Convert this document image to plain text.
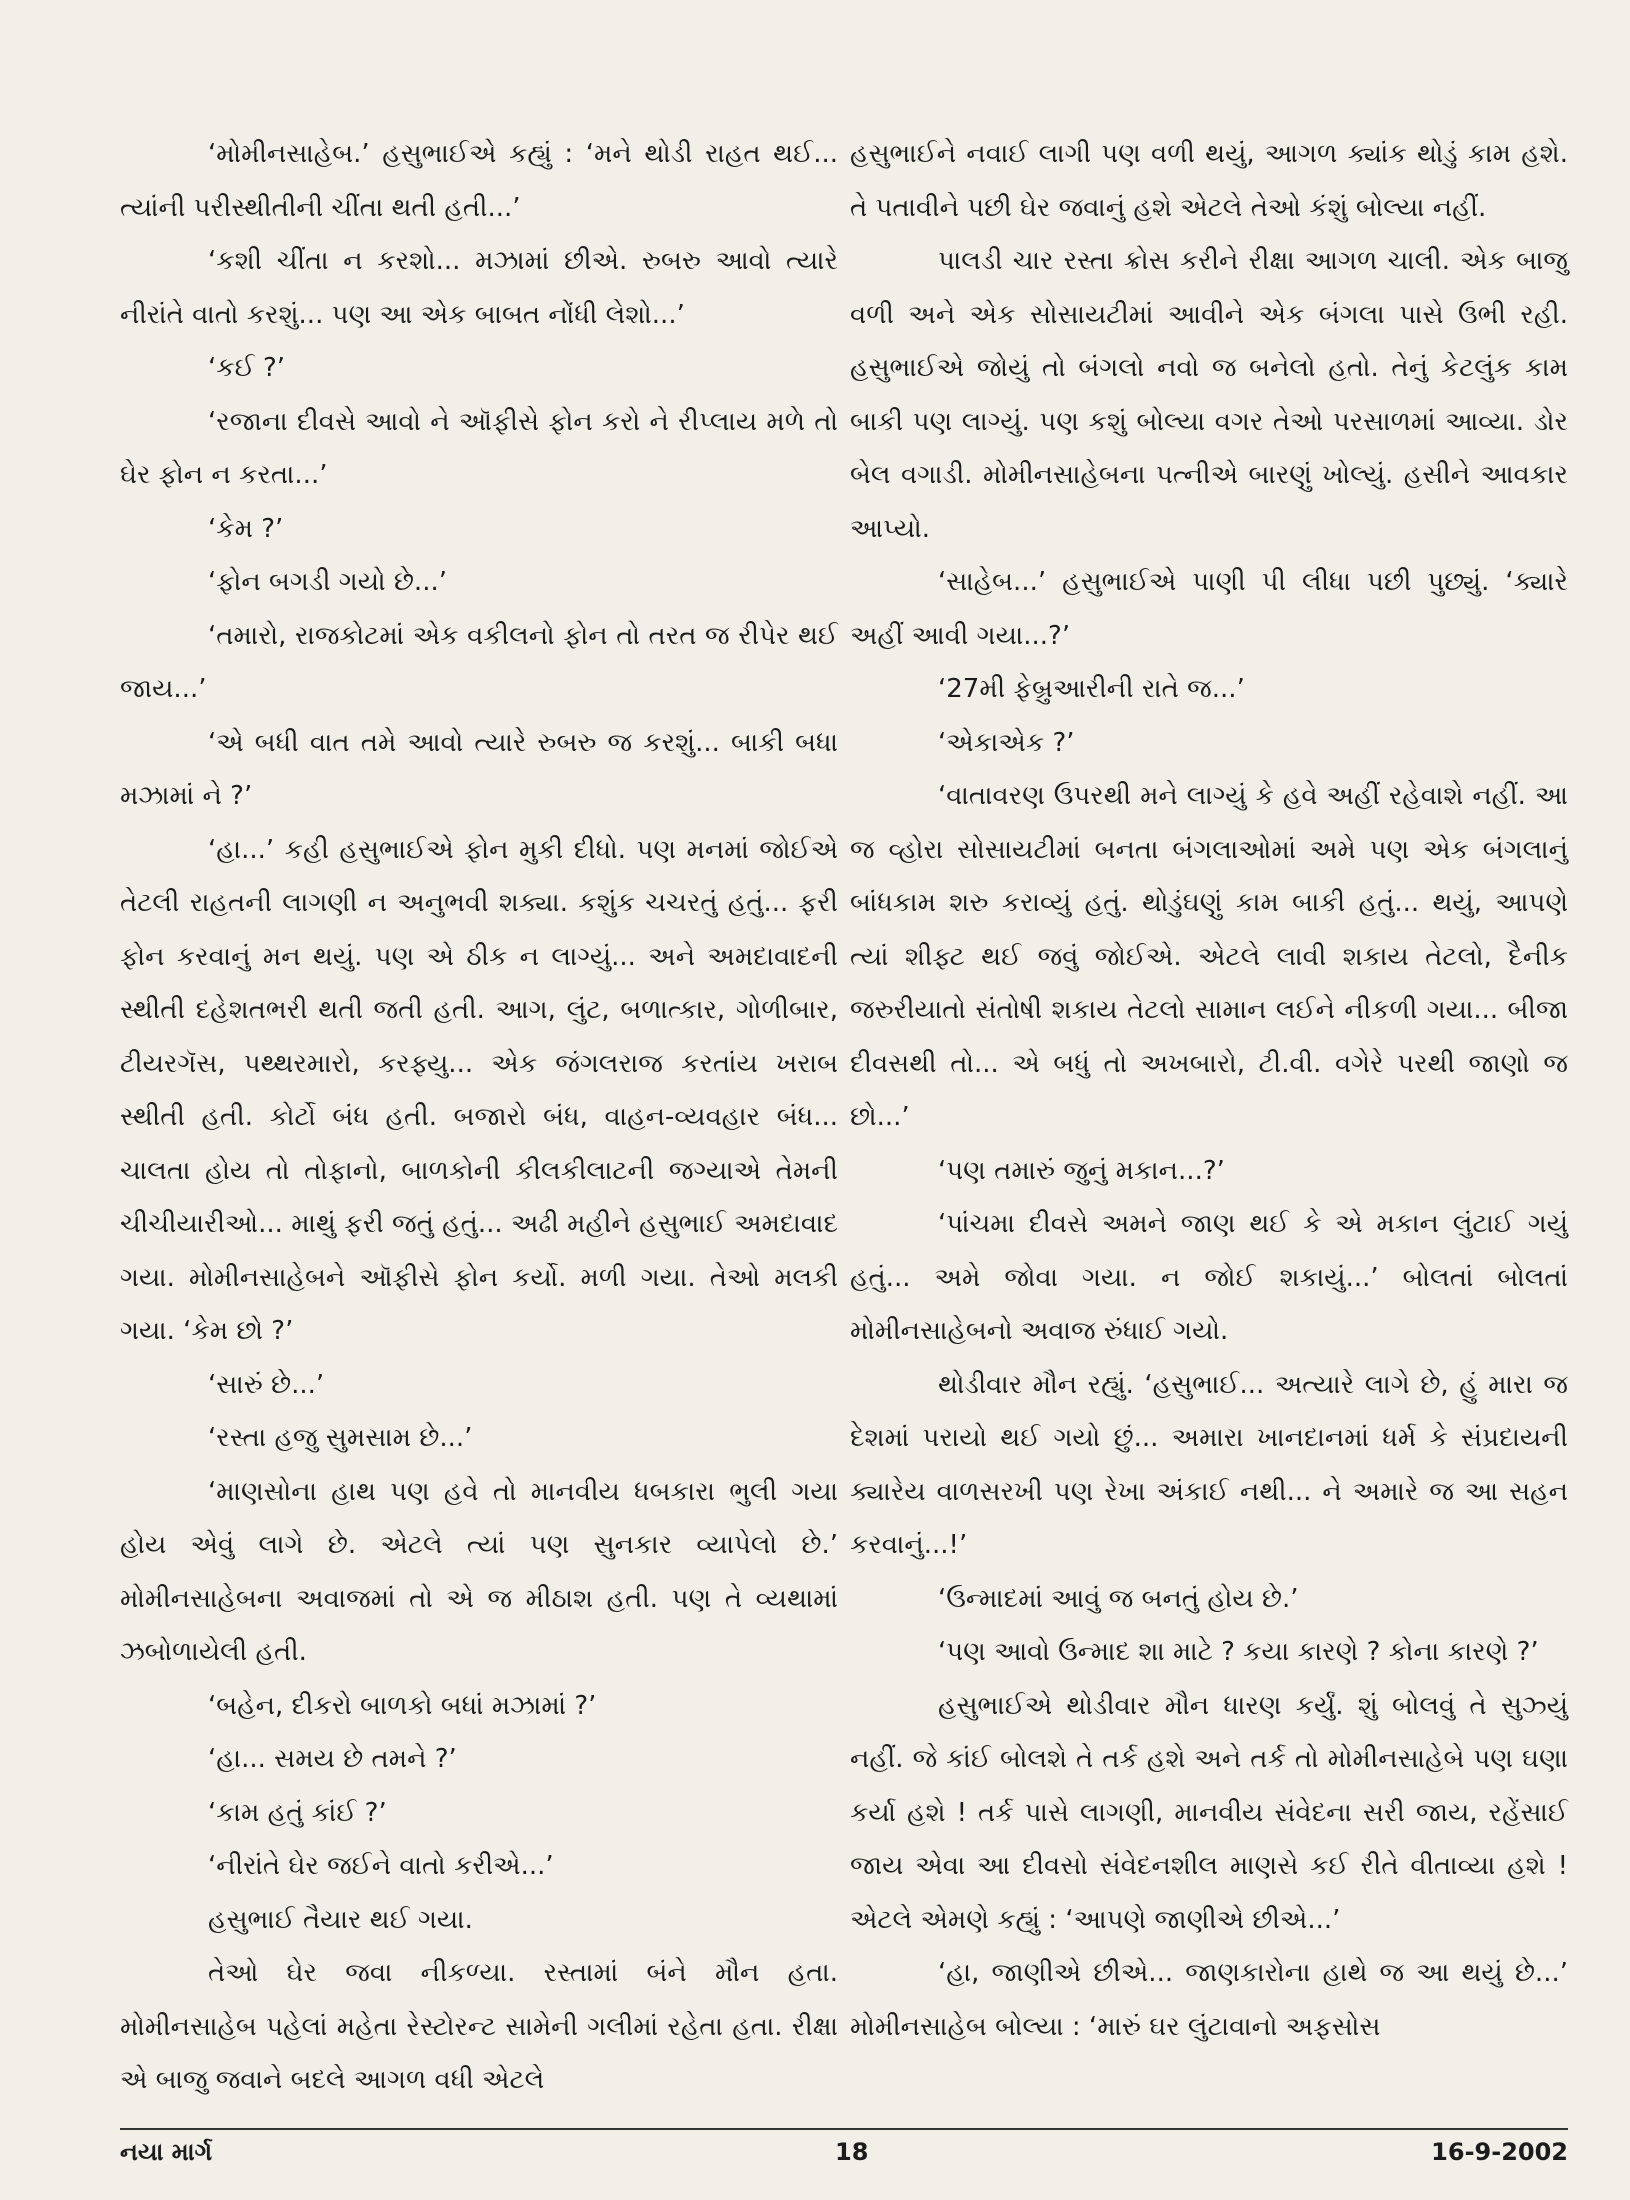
‘મોમીનસાહેબ.’ હસુભાઈએ કહ્યું : ‘મને થોડી રાહત થઈ... ત્યાંની પરીસ્થીતીની ચીંતા થતી હતી...’

‘કશી ચીંતા ન કરશો... મઝામાં છીએ. રુબરુ આવો ત્યારે નીરાંતે વાતો કરશું... પણ આ એક બાબત નોંધી લેશો...’

‘કઈ ?’

‘રજાના દીવસે આવો ને ઑફીસે ફોન કરો ને રીપ્લાય મળે તો ઘેર ફોન ન કરતા...’

‘કેમ ?’

‘ફોન બગડી ગયો છે...’

‘તમારો, રાજકોટમાં એક વકીલનો ફોન તો તરત જ રીપેર થઈ જાય...’

‘એ બધી વાત તમે આવો ત્યારે રુબરુ જ કરશું... બાકી બધા મઝામાં ને ?’

‘હા...’ કહી હસુભાઈએ ફોન મુકી દીધો. પણ મનમાં જોઈએ તેટલી રાહતની લાગણી ન અનુભવી શક્યા. કશુંક ચચરતું હતું... ફરી ફોન કરવાનું મન થયું. પણ એ ઠીક ન લાગ્યું... અને અમદાવાદની સ્થીતી દહેશતભરી થતી જતી હતી. આગ, લુંટ, બળાત્કાર, ગોળીબાર, ટીયરગૅસ, પથ્થરમારો, કરફ્યુ... એક જંગલરાજ કરતાંય ખરાબ સ્થીતી હતી. કોર્ટો બંધ હતી. બજારો બંધ, વાહન-વ્યવહાર બંધ... ચાલતા હોય તો તોફાનો, બાળકોની કીલકીલાટની જગ્યાએ તેમની ચીચીયારીઓ... માથું ફરી જતું હતું... અઢી મહીને હસુભાઈ અમદાવાદ ગયા. મોમીનસાહેબને ઑફીસે ફોન કર્યો. મળી ગયા. તેઓ મલકી ગયા. ‘કેમ છો ?’

‘સારું છે...’

‘રસ્તા હજુ સુમસામ છે...’

‘માણસોના હાથ પણ હવે તો માનવીય ધબકારા ભુલી ગયા હોય એવું લાગે છે. એટલે ત્યાં પણ સુનકાર વ્યાપેલો છે.’ મોમીનસાહેબના અવાજમાં તો એ જ મીઠાશ હતી. પણ તે વ્યથામાં ઝબોળાયેલી હતી.

‘બહેન, દીકરો બાળકો બધાં મઝામાં ?’

‘હા... સમય છે તમને ?’

‘કામ હતું કાંઈ ?’

‘નીરાંતે ઘેર જઈને વાતો કરીએ...’

હસુભાઈ તૈયાર થઈ ગયા.

તેઓ ઘેર જવા નીકળ્યા. રસ્તામાં બંને મૌન હતા. મોમીનસાહેબ પહેલાં મહેતા રેસ્ટોરન્ટ સામેની ગલીમાં રહેતા હતા. રીક્ષા એ બાજુ જવાને બદલે આગળ વધી એટલે

હસુભાઈને નવાઈ લાગી પણ વળી થયું, આગળ ક્યાંક થોડું કામ હશે. તે પતાવીને પછી ઘેર જવાનું હશે એટલે તેઓ કંશું બોલ્યા નહીં.

પાલડી ચાર રસ્તા ક્રોસ કરીને રીક્ષા આગળ ચાલી. એક બાજુ વળી અને એક સોસાયટીમાં આવીને એક બંગલા પાસે ઉભી રહી. હસુભાઈએ જોયું તો બંગલો નવો જ બનેલો હતો. તેનું કેટલુંક કામ બાકી પણ લાગ્યું. પણ કશું બોલ્યા વગર તેઓ પરસાળમાં આવ્યા. ડોર બેલ વગાડી. મોમીનસાહેબના પત્નીએ બારણું ખોલ્યું. હસીને આવકાર આપ્યો.

‘સાહેબ...’ હસુભાઈએ પાણી પી લીધા પછી પુછ્યું. ‘ક્યારે અહીં આવી ગયા...?’

‘27મી ફેબ્રુઆરીની રાતે જ...’

‘એકાએક ?’

‘વાતાવરણ ઉપરથી મને લાગ્યું કે હવે અહીં રહેવાશે નહીં. આ જ વ્હોરા સોસાયટીમાં બનતા બંગલાઓમાં અમે પણ એક બંગલાનું બાંધકામ શરુ કરાવ્યું હતું. થોડુંઘણું કામ બાકી હતું... થયું, આપણે ત્યાં શીફ્ટ થઈ જવું જોઈએ. એટલે લાવી શકાય તેટલો, દૈનીક જરુરીયાતો સંતોષી શકાય તેટલો સામાન લઈને નીકળી ગયા... બીજા દીવસથી તો... એ બધું તો અખબારો, ટી.વી. વગેરે પરથી જાણો જ છો...’

‘પણ તમારું જુનું મકાન...?’

‘પાંચમા દીવસે અમને જાણ થઈ કે એ મકાન લુંટાઈ ગયું હતું... અમે જોવા ગયા. ન જોઈ શકાયું...’ બોલતાં બોલતાં મોમીનસાહેબનો અવાજ રુંધાઈ ગયો.

થોડીવાર મૌન રહ્યું. ‘હસુભાઈ... અત્યારે લાગે છે, હું મારા જ દેશમાં પરાયો થઈ ગયો છું... અમારા ખાનદાનમાં ધર્મ કે સંપ્રદાયની ક્યારેય વાળસરખી પણ રેખા અંકાઈ નથી... ને અમારે જ આ સહન કરવાનું...!’

‘ઉન્માદમાં આવું જ બનતું હોય છે.’

‘પણ આવો ઉન્માદ શા માટે ? કયા કારણે ? કોના કારણે ?’

હસુભાઈએ થોડીવાર મૌન ધારણ કર્યું. શું બોલવું તે સુઝ્યું નહીં. જે કાંઈ બોલશે તે તર્ક હશે અને તર્ક તો મોમીનસાહેબે પણ ઘણા કર્યા હશે ! તર્ક પાસે લાગણી, માનવીય સંવેદના સરી જાય, રહેંસાઈ જાય એવા આ દીવસો સંવેદનશીલ માણસે કઈ રીતે વીતાવ્યા હશે ! એટલે એમણે કહ્યું : ‘આપણે જાણીએ છીએ...’

‘હા, જાણીએ છીએ... જાણકારોના હાથે જ આ થયું છે...’ મોમીનસાહેબ બોલ્યા : ‘મારું ઘર લુંટાવાનો અફસોસ

નયા માર્ગ	18	16-9-2002
